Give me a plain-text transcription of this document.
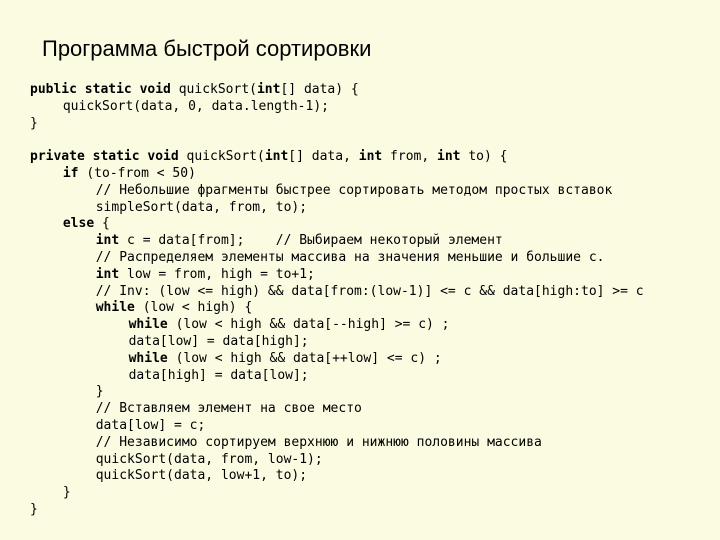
Программа быстрой сортировки
public static void quickSort(int[] data) {
quickSort(data, 0, data.length-1);
}
private static void quickSort(int[] data, int from, int to) {
if (to-from < 50)
// Небольшие фрагменты быстрее сортировать методом простых вставок
simpleSort(data, from, to);
else {
int c = data[from];    // Выбираем некоторый элемент
// Распределяем элементы массива на значения меньшие и большие c.
int low = from, high = to+1;
// Inv: (low <= high) && data[from:(low-1)] <= c && data[high:to] >= c
while (low < high) {
while (low < high && data[--high] >= c) ;
data[low] = data[high];
while (low < high && data[++low] <= c) ;
data[high] = data[low];
}
// Вставляем элемент на свое место
data[low] = c;
// Независимо сортируем верхнюю и нижнюю половины массива
quickSort(data, from, low-1);
quickSort(data, low+1, to);
}
}
